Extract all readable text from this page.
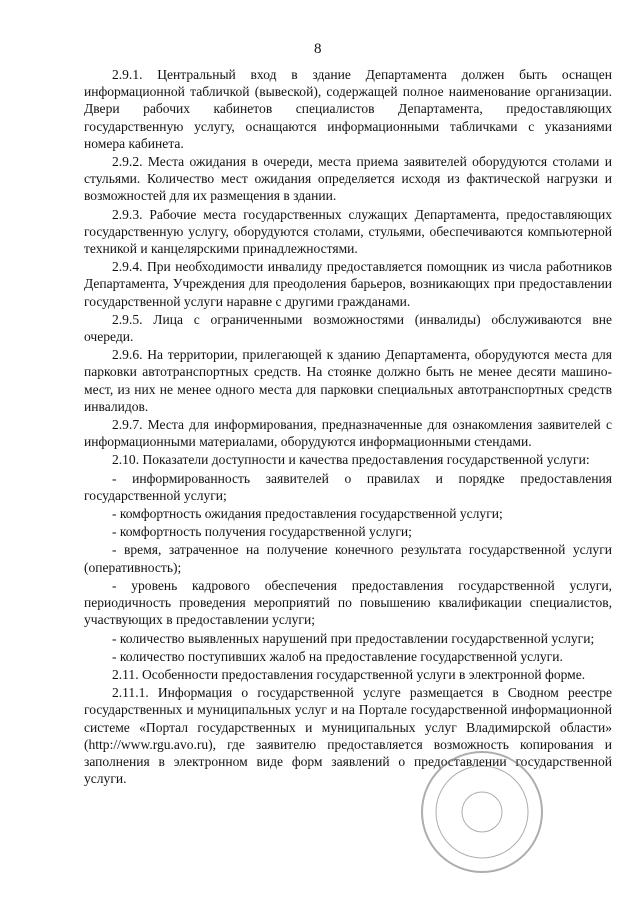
8

2.9.1. Центральный вход в здание Департамента должен быть оснащен информационной табличкой (вывеской), содержащей полное наименование организации. Двери рабочих кабинетов специалистов Департамента, предоставляющих государственную услугу, оснащаются информационными табличками с указаниями номера кабинета.

2.9.2. Места ожидания в очереди, места приема заявителей оборудуются столами и стульями. Количество мест ожидания определяется исходя из фактической нагрузки и возможностей для их размещения в здании.

2.9.3. Рабочие места государственных служащих Департамента, предоставляющих государственную услугу, оборудуются столами, стульями, обеспечиваются компьютерной техникой и канцелярскими принадлежностями.

2.9.4. При необходимости инвалиду предоставляется помощник из числа работников Департамента, Учреждения для преодоления барьеров, возникающих при предоставлении государственной услуги наравне с другими гражданами.

2.9.5. Лица с ограниченными возможностями (инвалиды) обслуживаются вне очереди.

2.9.6. На территории, прилегающей к зданию Департамента, оборудуются места для парковки автотранспортных средств. На стоянке должно быть не менее десяти машино-мест, из них не менее одного места для парковки специальных автотранспортных средств инвалидов.

2.9.7. Места для информирования, предназначенные для ознакомления заявителей с информационными материалами, оборудуются информационными стендами.

2.10. Показатели доступности и качества предоставления государственной услуги:

- информированность заявителей о правилах и порядке предоставления государственной услуги;

- комфортность ожидания предоставления государственной услуги;

- комфортность получения государственной услуги;

- время, затраченное на получение конечного результата государственной услуги (оперативность);

- уровень кадрового обеспечения предоставления государственной услуги, периодичность проведения мероприятий по повышению квалификации специалистов, участвующих в предоставлении услуги;

- количество выявленных нарушений при предоставлении государственной услуги;

- количество поступивших жалоб на предоставление государственной услуги.

2.11. Особенности предоставления государственной услуги в электронной форме.

2.11.1. Информация о государственной услуге размещается в Сводном реестре государственных и муниципальных услуг и на Портале государственной информационной системе «Портал государственных и муниципальных услуг Владимирской области» (http://www.rgu.avo.ru), где заявителю предоставляется возможность копирования и заполнения в электронном виде форм заявлений о предоставлении государственной услуги.
